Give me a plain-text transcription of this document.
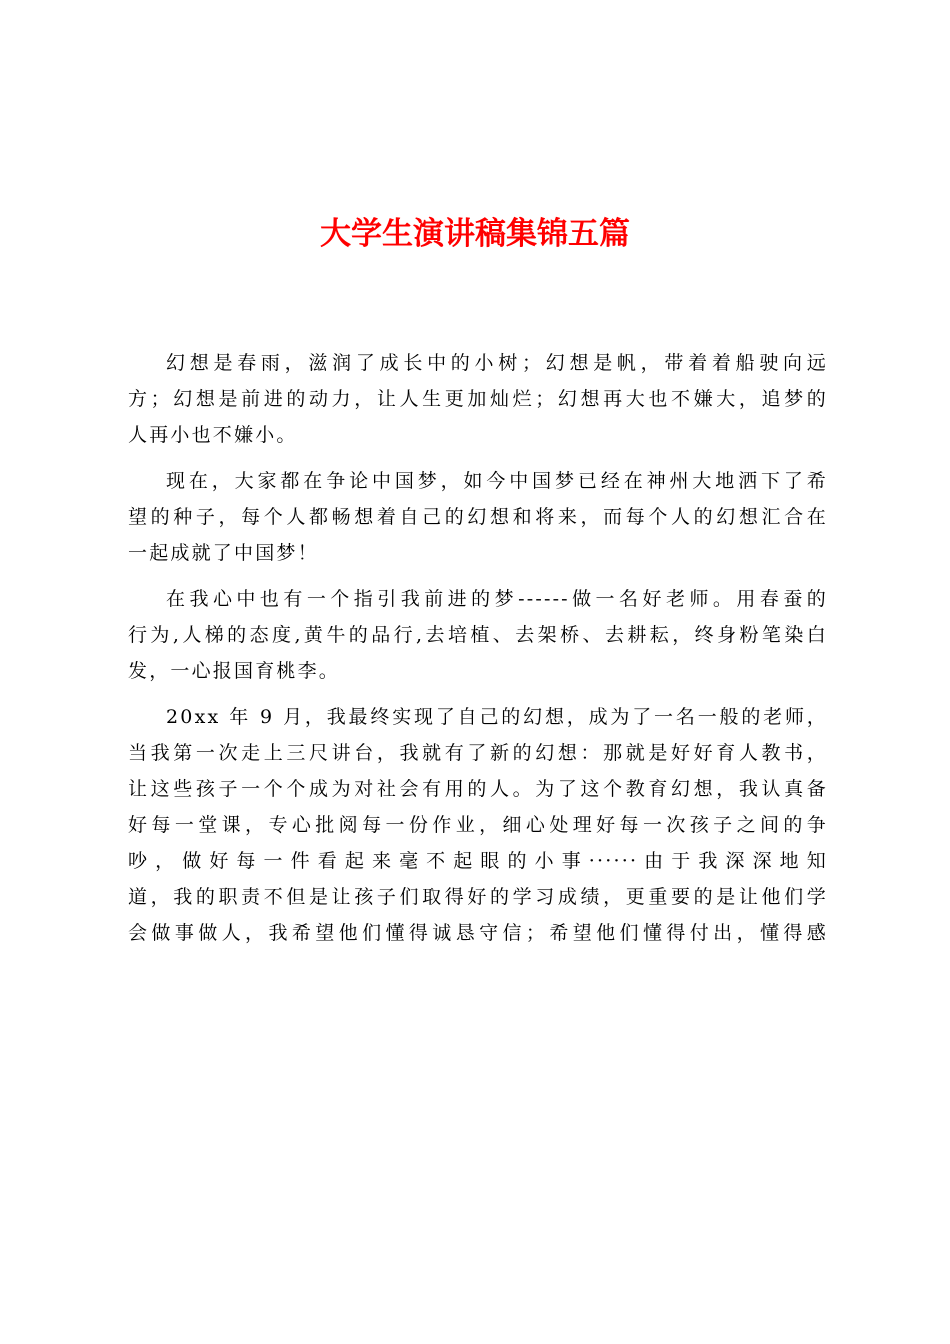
大学生演讲稿集锦五篇

幻想是春雨，滋润了成长中的小树；幻想是帆，带着着船驶向远
方；幻想是前进的动力，让人生更加灿烂；幻想再大也不嫌大，追梦的
人再小也不嫌小。

现在，大家都在争论中国梦，如今中国梦已经在神州大地洒下了希
望的种子，每个人都畅想着自己的幻想和将来，而每个人的幻想汇合在
一起成就了中国梦！

在我心中也有一个指引我前进的梦------做一名好老师。用春蚕的
行为,人梯的态度,黄牛的品行,去培植、去架桥、去耕耘，终身粉笔染白
发，一心报国育桃李。

20xx 年 9 月，我最终实现了自己的幻想，成为了一名一般的老师，
当我第一次走上三尺讲台，我就有了新的幻想：那就是好好育人教书，
让这些孩子一个个成为对社会有用的人。为了这个教育幻想，我认真备
好每一堂课，专心批阅每一份作业，细心处理好每一次孩子之间的争
吵，做好每一件看起来毫不起眼的小事······由于我深深地知
道，我的职责不但是让孩子们取得好的学习成绩，更重要的是让他们学
会做事做人，我希望他们懂得诚恳守信；希望他们懂得付出，懂得感
